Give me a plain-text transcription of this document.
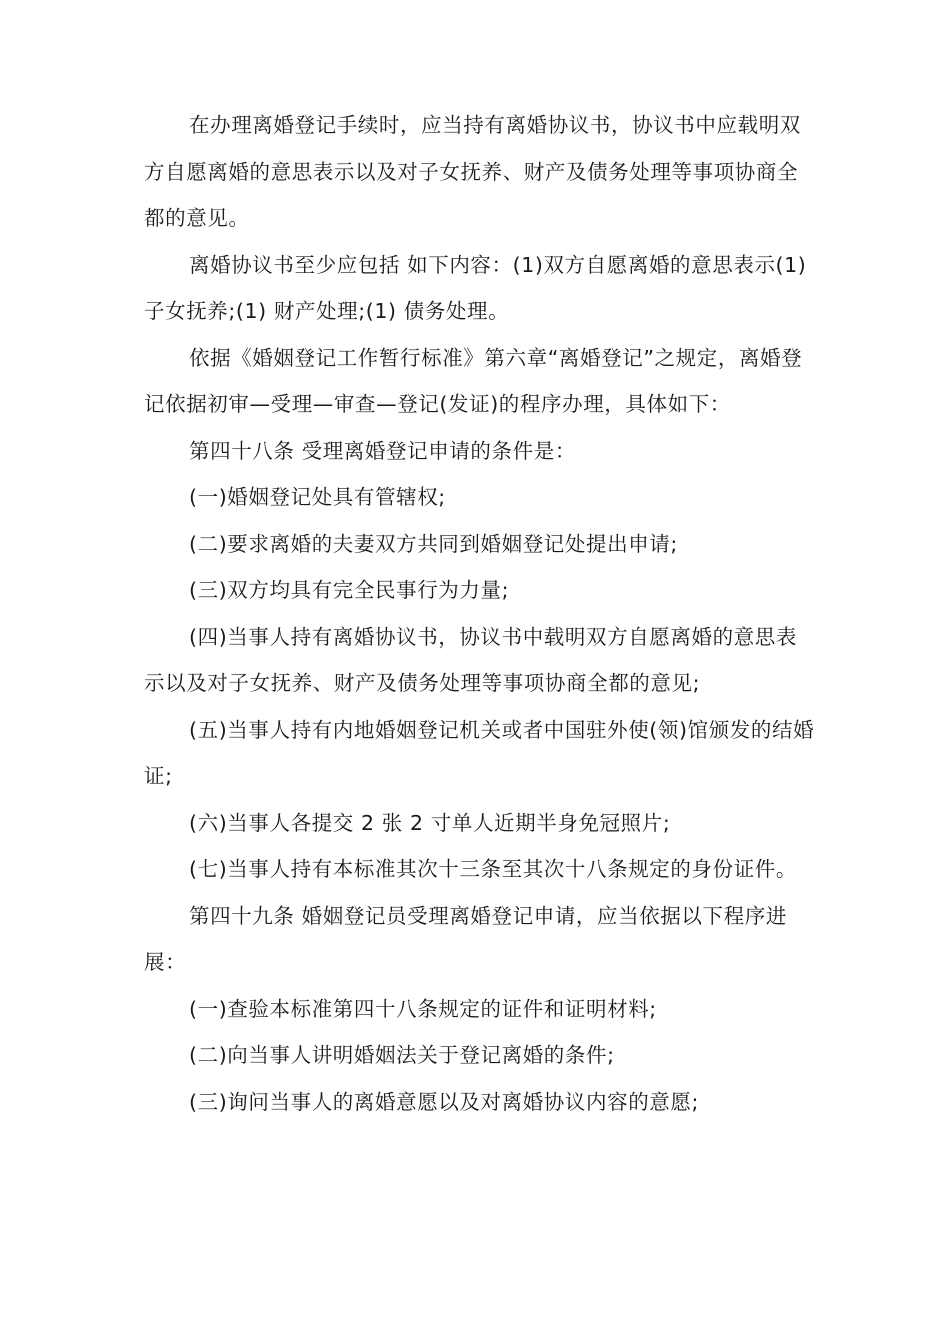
在办理离婚登记手续时，应当持有离婚协议书，协议书中应载明双方自愿离婚的意思表示以及对子女抚养、财产及债务处理等事项协商全都的意见。

离婚协议书至少应包括 如下内容：(1)双方自愿离婚的意思表示(1) 子女抚养;(1) 财产处理;(1) 债务处理。

依据《婚姻登记工作暂行标准》第六章“离婚登记”之规定，离婚登记依据初审—受理—审查—登记(发证)的程序办理，具体如下：

第四十八条 受理离婚登记申请的条件是：

(一)婚姻登记处具有管辖权;

(二)要求离婚的夫妻双方共同到婚姻登记处提出申请;

(三)双方均具有完全民事行为力量;

(四)当事人持有离婚协议书，协议书中载明双方自愿离婚的意思表示以及对子女抚养、财产及债务处理等事项协商全都的意见;

(五)当事人持有内地婚姻登记机关或者中国驻外使(领)馆颁发的结婚证;

(六)当事人各提交 2 张 2 寸单人近期半身免冠照片;

(七)当事人持有本标准其次十三条至其次十八条规定的身份证件。

第四十九条 婚姻登记员受理离婚登记申请，应当依据以下程序进展：

(一)查验本标准第四十八条规定的证件和证明材料;

(二)向当事人讲明婚姻法关于登记离婚的条件;

(三)询问当事人的离婚意愿以及对离婚协议内容的意愿;
